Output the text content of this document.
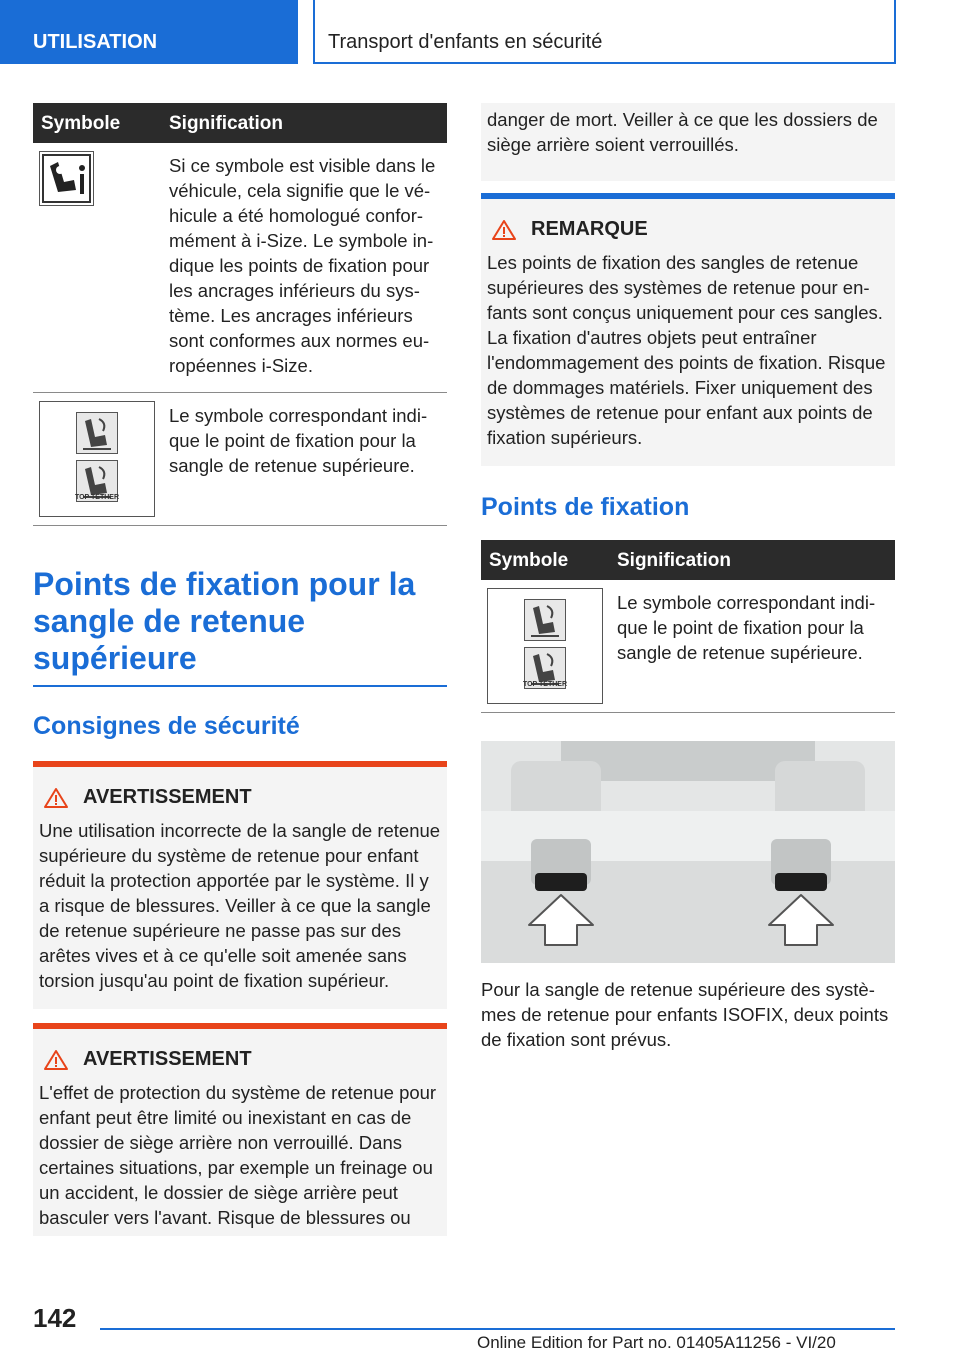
UTILISATION	Transport d'enfants en sécurité
Symbole	Signification

	Si ce symbole est visible dans le véhicule, cela signifie que le véhicule a été homologué conformément à i-Size. Le symbole indique les points de fixation pour les ancrages inférieurs du système. Les ancrages inférieurs sont conformes aux normes européennes i-Size.

TOP TETHER	Le symbole correspondant indique le point de fixation pour la sangle de retenue supérieure.
Points de fixation pour la sangle de retenue supérieure
Consignes de sécurité
AVERTISSEMENT
Une utilisation incorrecte de la sangle de retenue supérieure du système de retenue pour enfant réduit la protection apportée par le système. Il y a risque de blessures. Veiller à ce que la sangle de retenue supérieure ne passe pas sur des arêtes vives et à ce qu'elle soit amenée sans torsion jusqu'au point de fixation supérieur.
AVERTISSEMENT
L'effet de protection du système de retenue pour enfant peut être limité ou inexistant en cas de dossier de siège arrière non verrouillé. Dans certaines situations, par exemple un freinage ou un accident, le dossier de siège arrière peut basculer vers l'avant. Risque de blessures ou
danger de mort. Veiller à ce que les dossiers de siège arrière soient verrouillés.
REMARQUE
Les points de fixation des sangles de retenue supérieures des systèmes de retenue pour enfants sont conçus uniquement pour ces sangles. La fixation d'autres objets peut entraîner l'endommagement des points de fixation. Risque de dommages matériels. Fixer uniquement des systèmes de retenue pour enfant aux points de fixation supérieurs.
Points de fixation
Symbole	Signification

TOP TETHER	Le symbole correspondant indique le point de fixation pour la sangle de retenue supérieure.
Pour la sangle de retenue supérieure des systèmes de retenue pour enfants ISOFIX, deux points de fixation sont prévus.
142
Online Edition for Part no. 01405A11256 - VI/20
